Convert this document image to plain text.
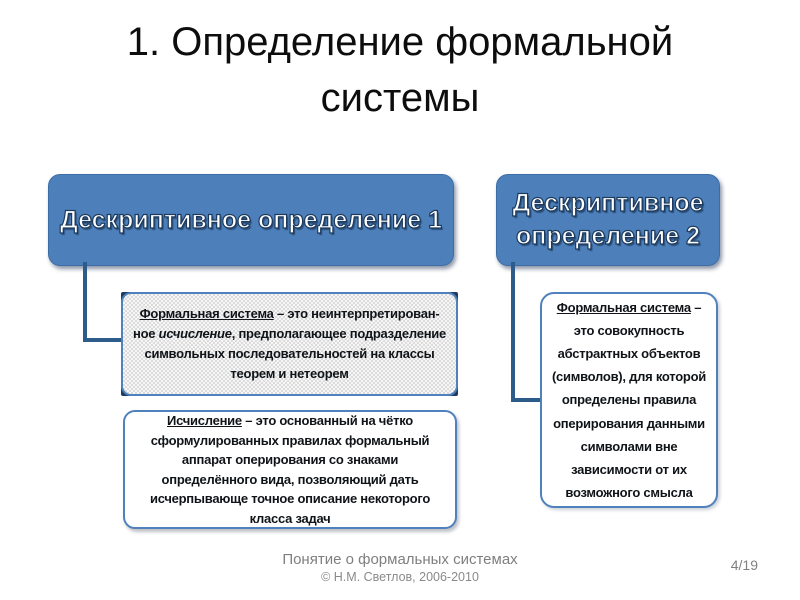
1. Определение формальной системы
Дескриптивное определение 1
Дескриптивное определение 2

Формальная система – это неинтерпретирован-ное исчисление, предполагающее подразделение символьных последовательностей на классы теорем и нетеорем

Исчисление – это основанный на чётко сформулированных правилах формальный аппарат оперирования со знаками определённого вида, позволяющий дать исчерпывающе точное описание некоторого класса задач

Формальная система – это совокупность абстрактных объектов (символов), для которой определены правила оперирования данными символами вне зависимости от их возможного смысла

Понятие о формальных системах
© Н.М. Светлов, 2006-2010
4/19
